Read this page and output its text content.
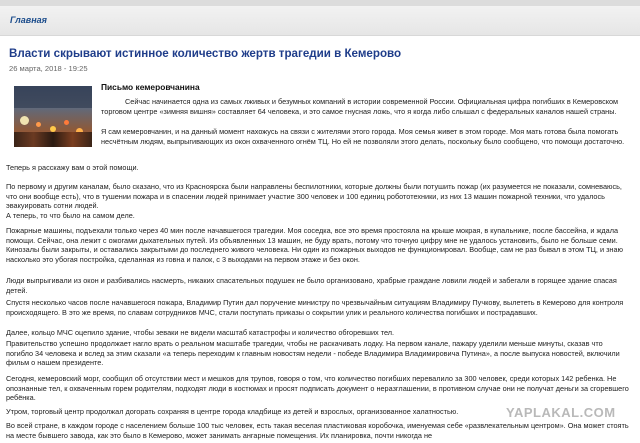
Главная
Власти скрывают истинное количество жертв трагедии в Кемерово
26 марта, 2018 - 19:25
Письмо кемеровчанина
Сейчас начинается одна из самых лживых и безумных компаний в истории современной России. Официальная цифра погибших в Кемеровском торговом центре «зимняя вишня» составляет 64 человека, и это самое гнусная ложь, что я когда либо слышал с федеральных каналов нашей страны.
Я сам кемеровчанин, и на данный момент нахожусь на связи с жителями этого города. Моя семья живет в этом городе. Моя мать готова была помогать несчётным людям, выпрыгивающих из окон охваченного огнём ТЦ. Но ей не позволяли этого делать, поскольку было сообщено, что помощи достаточно.
Теперь я расскажу вам о этой помощи.
По первому и другим каналам, было сказано, что из Красноярска были направлены беспилотники, которые должны были потушить пожар (их разумеется не показали, сомневаюсь, что они вообще есть), что в тушении пожара и в спасении людей принимает участие 300 человек и 100 единиц робототехники, из них 13 машин пожарной техники, что удалось эвакуировать сотни людей.
А теперь, то что было на самом деле.
Пожарные машины, подъехали только через 40 мин после начавшегося трагедии. Моя соседка, все это время простояла на крыше мокрая, в купальнике, после бассейна, и ждала помощи. Сейчас, она лежит с ожогами дыхательных путей. Из объявленных 13 машин, не буду врать, потому что точную цифру мне не удалось установить, было не больше семи. Кинозалы были закрыты, и оставались закрытыми до последнего живого человека. Ни один из пожарных выходов не функционировал. Вообще, сам не раз бывал в этом ТЦ, и знаю насколько это убогая постройка, сделанная из говна и палок, с 3 выходами на первом этаже и без окон.
Люди выпрыгивали из окон и разбивались насмерть, никаких спасательных подушек не было организовано, храбрые граждане ловили людей и забегали в горящее здание спасая детей.
Спустя несколько часов после начавшегося пожара, Владимир Путин дал поручение министру по чрезвычайным ситуациям Владимиру Пучкову, вылететь в Кемерово для контроля происходящего. В это же время, по славам сотрудников МЧС, стали поступать приказы о сокрытии улик и реального количества погибших и пострадавших.
Далее, кольцо МЧС оцепило здание, чтобы зеваки не видели масштаб катастрофы и количество обгоревших тел.
Правительство успешно продолжает нагло врать о реальном масштабе трагедии, чтобы не раскачивать лодку. На первом канале, пажару уделили меньше минуты, сказав что погибло 34 человека и вслед за этим сказали «а теперь переходим к главным новостям недели - победе Владимира Владимировича Путина», а после выпуска новостей, включили фильм о нашем президенте.
Сегодня, кемеровский морг, сообщил об отсутствии мест и мешков для трупов, говоря о том, что количество погибших перевалило за 300 человек, среди которых 142 ребенка. Не опознанные тел, к охваченным горем родителям, подходят люди в костюмах и просят подписать документ о неразглашении, в противном случае они не получат деньги за сгоревшего ребёнка.
Утром, торговый центр продолжал догорать сохраняя в центре города кладбище из детей и взрослых, организованное халатностью.
Во всей стране, в каждом городе с населением больше 100 тыс человек, есть такая веселая пластиковая коробочка, именуемая себе «развлекательным центром». Она может стоять на месте бывшего завода, как это было в Кемерово, может занимать ангарные помещения. Их планировка, почти никогда не
YAPLAKAL.COM
